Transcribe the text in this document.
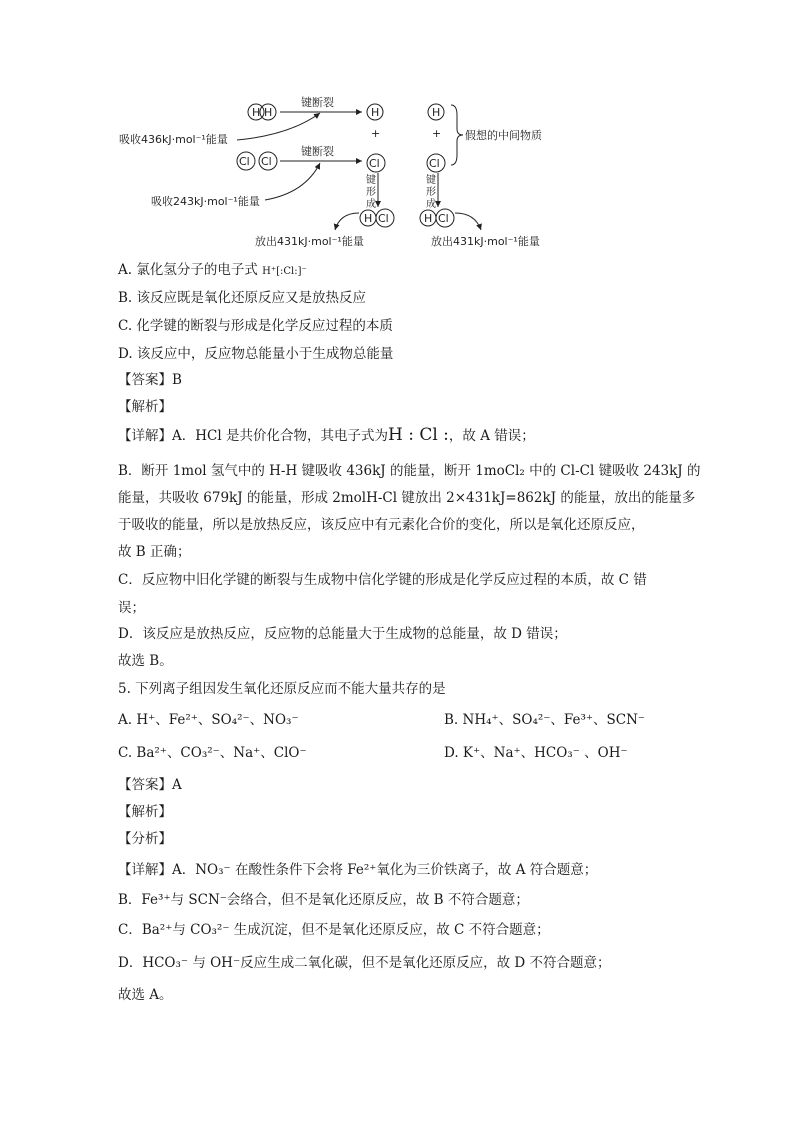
H H
键断裂
H	H
吸收436kJ·mol⁻¹能量	+	+ 假想的中间物质
Cl Cl
键断裂
Cl	Cl
吸收243kJ·mol⁻¹能量
键
形
成
键
形
成
H Cl	H Cl
放出431kJ·mol⁻¹能量	放出431kJ·mol⁻¹能量
A. 氯化氢分子的电子式 H⁺[:Cl:]⁻
B. 该反应既是氧化还原反应又是放热反应
C. 化学键的断裂与形成是化学反应过程的本质
D. 该反应中，反应物总能量小于生成物总能量
【答案】B
【解析】
【详解】A．HCl 是共价化合物，其电子式为H : Cl :，故 A 错误；
B．断开 1mol 氢气中的 H-H 键吸收 436kJ 的能量，断开 1moCl₂ 中的 Cl-Cl 键吸收 243kJ 的
能量，共吸收 679kJ 的能量，形成 2molH-Cl 键放出 2×431kJ=862kJ 的能量，放出的能量多
于吸收的能量，所以是放热反应，该反应中有元素化合价的变化，所以是氧化还原反应，
故 B 正确；
C．反应物中旧化学键的断裂与生成物中信化学键的形成是化学反应过程的本质，故 C 错
误；
D．该反应是放热反应，反应物的总能量大于生成物的总能量，故 D 错误；
故选 B。
5. 下列离子组因发生氧化还原反应而不能大量共存的是
A. H⁺、Fe²⁺、SO₄²⁻、NO₃⁻	B. NH₄⁺、SO₄²⁻、Fe³⁺、SCN⁻
C. Ba²⁺、CO₃²⁻、Na⁺、ClO⁻	D. K⁺、Na⁺、HCO₃⁻ 、OH⁻
【答案】A
【解析】
【分析】
【详解】A．NO₃⁻ 在酸性条件下会将 Fe²⁺氧化为三价铁离子，故 A 符合题意；
B．Fe³⁺与 SCN⁻会络合，但不是氧化还原反应，故 B 不符合题意；
C．Ba²⁺与 CO₃²⁻ 生成沉淀，但不是氧化还原反应，故 C 不符合题意；
D．HCO₃⁻ 与 OH⁻反应生成二氧化碳，但不是氧化还原反应，故 D 不符合题意；
故选 A。
